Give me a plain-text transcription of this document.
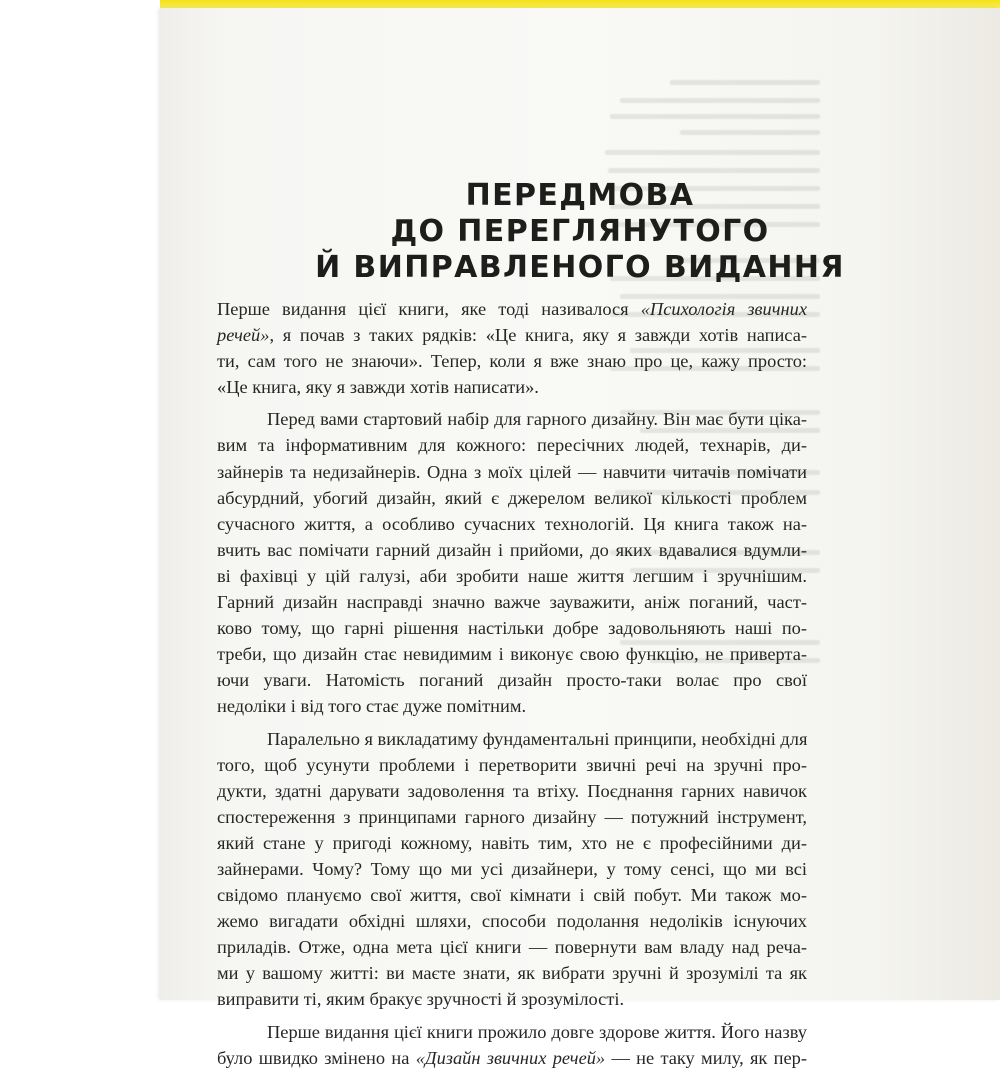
ПЕРЕДМОВА
ДО ПЕРЕГЛЯНУТОГО
Й ВИПРАВЛЕНОГО ВИДАННЯ

Перше видання цієї книги, яке тоді називалося «Психологія звичних
речей», я почав з таких рядків: «Це книга, яку я завжди хотів написа-
ти, сам того не знаючи». Тепер, коли я вже знаю про це, кажу просто:
«Це книга, яку я завжди хотів написати».

Перед вами стартовий набір для гарного дизайну. Він має бути ціка-
вим та інформативним для кожного: пересічних людей, технарів, ди-
зайнерів та недизайнерів. Одна з моїх цілей — навчити читачів помічати
абсурдний, убогий дизайн, який є джерелом великої кількості проблем
сучасного життя, а особливо сучасних технологій. Ця книга також на-
вчить вас помічати гарний дизайн і прийоми, до яких вдавалися вдумли-
ві фахівці у цій галузі, аби зробити наше життя легшим і зручнішим.
Гарний дизайн насправді значно важче зауважити, аніж поганий, част-
ково тому, що гарні рішення настільки добре задовольняють наші по-
треби, що дизайн стає невидимим і виконує свою функцію, не приверта-
ючи уваги. Натомість поганий дизайн просто-таки волає про свої
недоліки і від того стає дуже помітним.

Паралельно я викладатиму фундаментальні принципи, необхідні для
того, щоб усунути проблеми і перетворити звичні речі на зручні про-
дукти, здатні дарувати задоволення та втіху. Поєднання гарних навичок
спостереження з принципами гарного дизайну — потужний інструмент,
який стане у пригоді кожному, навіть тим, хто не є професійними ди-
зайнерами. Чому? Тому що ми усі дизайнери, у тому сенсі, що ми всі
свідомо плануємо свої життя, свої кімнати і свій побут. Ми також мо-
жемо вигадати обхідні шляхи, способи подолання недоліків існуючих
приладів. Отже, одна мета цієї книги — повернути вам владу над реча-
ми у вашому житті: ви маєте знати, як вибрати зручні й зрозумілі та як
виправити ті, яким бракує зручності й зрозумілості.

Перше видання цієї книги прожило довге здорове життя. Його назву
було швидко змінено на «Дизайн звичних речей» — не таку милу, як пер-
